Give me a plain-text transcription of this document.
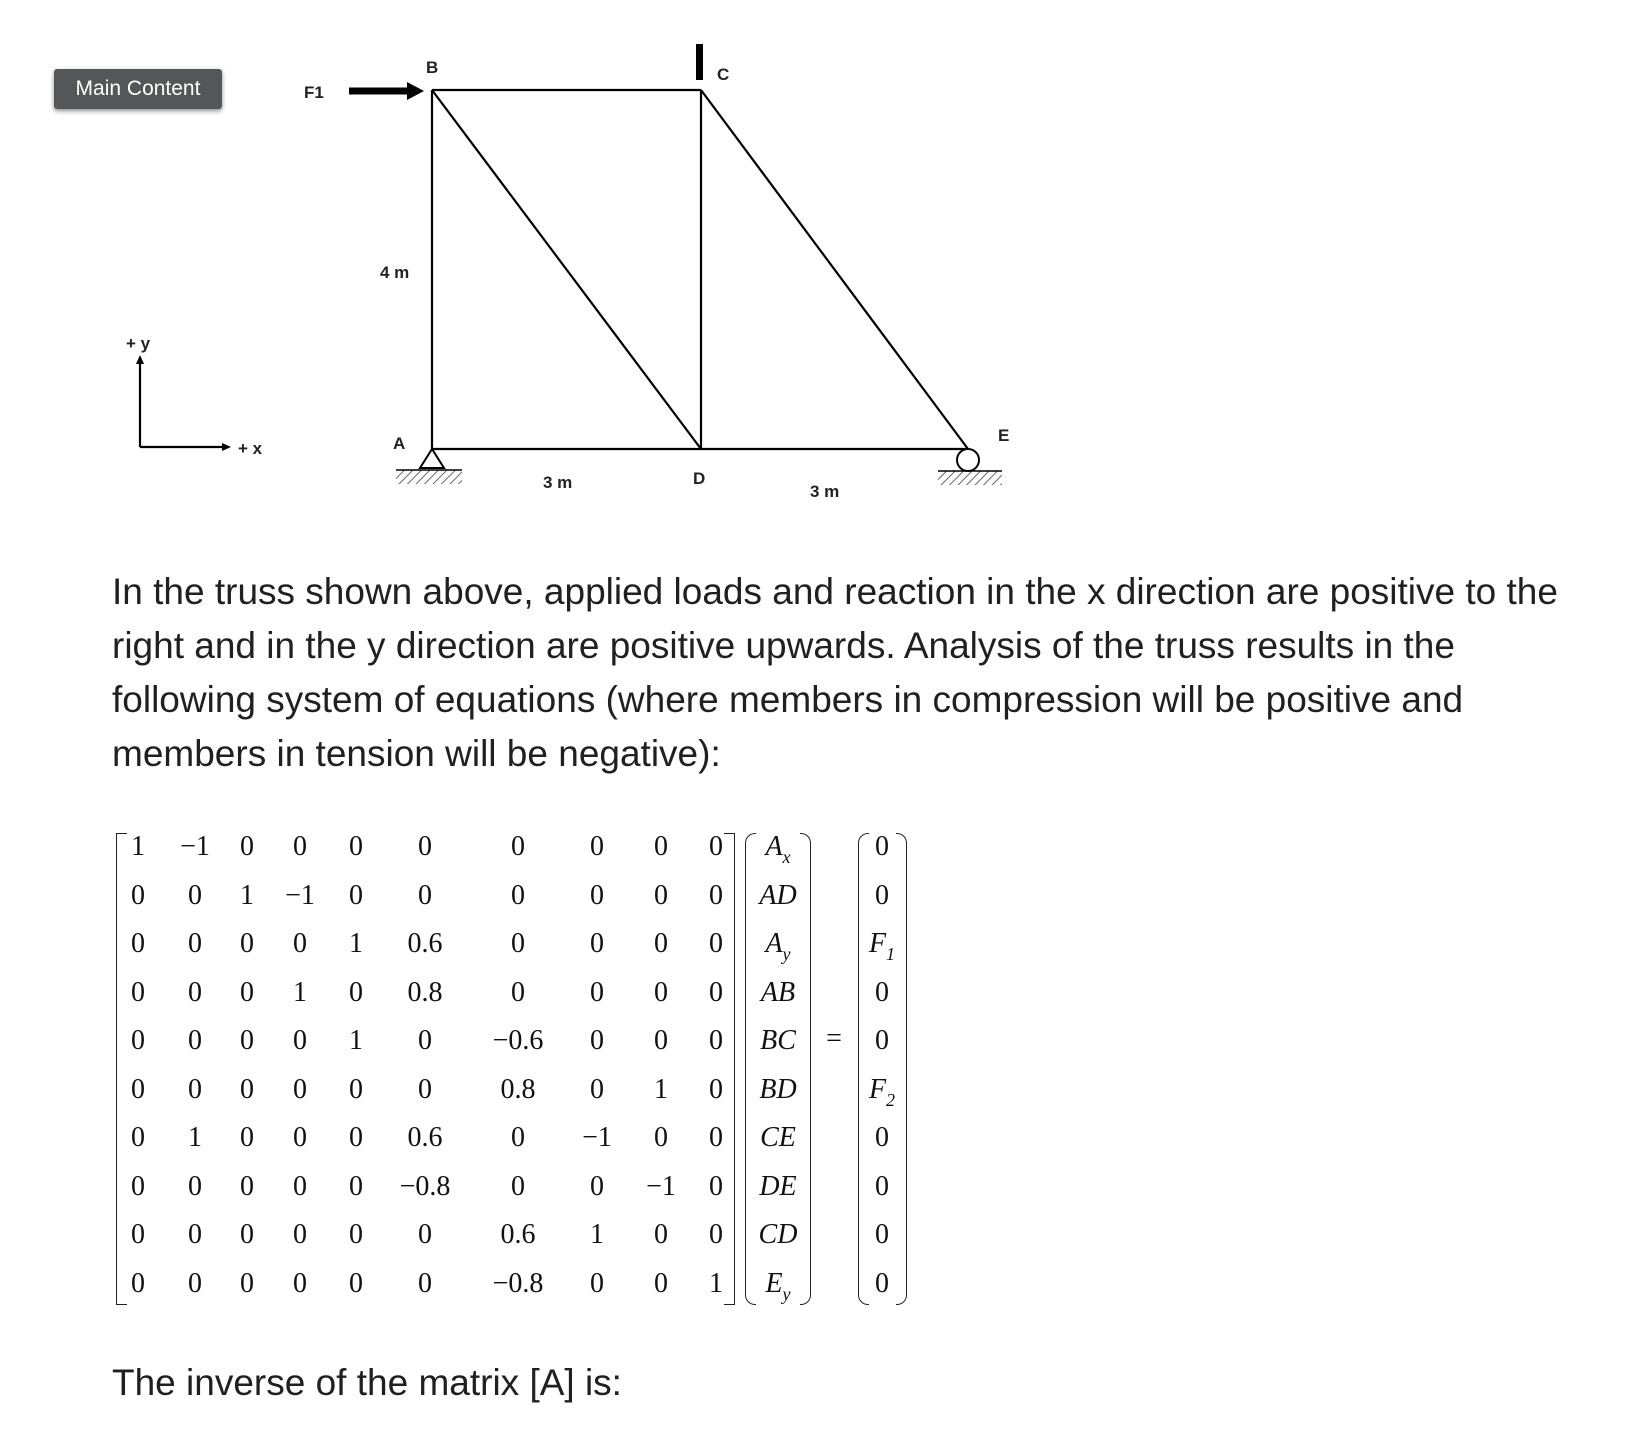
Main Content
+ y
+ x
F1
B	C
A
D
E
4 m
3 m	3 m

In the truss shown above, applied loads and reaction in the x direction are positive to the right and in the y direction are positive upwards. Analysis of the truss results in the following system of equations (where members in compression will be positive and members in tension will be negative):

=
1 −1 0 0 0 0	0 0 0 0
0 0 1 −1 0 0	0 0 0 0
0 0 0 0 1 0.6 0 0 0 0
0 0 0 1 0 0.8 0 0 0 0
0 0 0 0 1 0 −0.6 0 0 0
0 0 0 0 0 0 0.8 0 1 0
0 1 0 0 0 0.6 0 −1 0 0
0 0 0 0 0 −0.8 0 0 −1 0
0 0 0 0 0 0 0.6 1 0 0
0 0 0 0 0 0 −0.8 0 0 1
$A_x$
AD
$A_y$
AB
BC
BD
CE
DE
CD
$E_y$
0
0
$F_1$
0
0
$F_2$
0
0
0
0

The inverse of the matrix [A] is:
